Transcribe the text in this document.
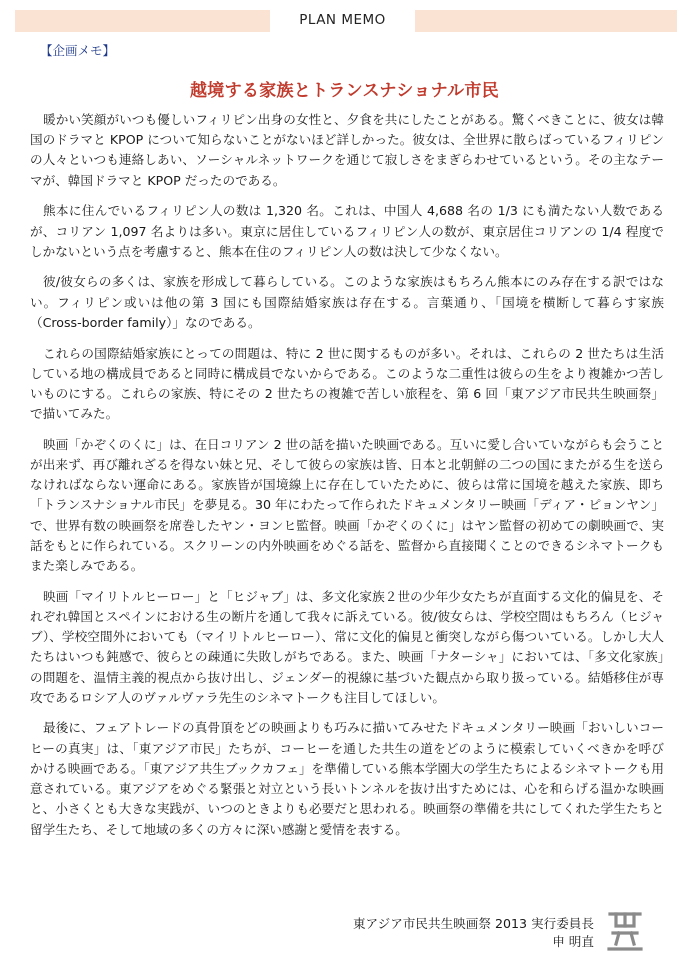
PLAN MEMO
【企画メモ】
越境する家族とトランスナショナル市民

暖かい笑顔がいつも優しいフィリピン出身の女性と、夕食を共にしたことがある。驚くべきことに、彼女は韓国のドラマと KPOP について知らないことがないほど詳しかった。彼女は、全世界に散らばっているフィリピンの人々といつも連絡しあい、ソーシャルネットワークを通じて寂しさをまぎらわせているという。その主なテーマが、韓国ドラマと KPOP だったのである。

熊本に住んでいるフィリピン人の数は 1,320 名。これは、中国人 4,688 名の 1/3 にも満たない人数であるが、コリアン 1,097 名よりは多い。東京に居住しているフィリピン人の数が、東京居住コリアンの 1/4 程度でしかないという点を考慮すると、熊本在住のフィリピン人の数は決して少なくない。

彼/彼女らの多くは、家族を形成して暮らしている。このような家族はもちろん熊本にのみ存在する訳ではない。フィリピン或いは他の第 3 国にも国際結婚家族は存在する。言葉通り、「国境を横断して暮らす家族（Cross-border family）」なのである。

これらの国際結婚家族にとっての問題は、特に 2 世に関するものが多い。それは、これらの 2 世たちは生活している地の構成員であると同時に構成員でないからである。このような二重性は彼らの生をより複雑かつ苦しいものにする。これらの家族、特にその 2 世たちの複雑で苦しい旅程を、第 6 回「東アジア市民共生映画祭」で描いてみた。

映画「かぞくのくに」は、在日コリアン 2 世の話を描いた映画である。互いに愛し合いていながらも会うことが出来ず、再び離れざるを得ない妹と兄、そして彼らの家族は皆、日本と北朝鮮の二つの国にまたがる生を送らなければならない運命にある。家族皆が国境線上に存在していたために、彼らは常に国境を越えた家族、即ち「トランスナショナル市民」を夢見る。30 年にわたって作られたドキュメンタリー映画「ディア・ピョンヤン」で、世界有数の映画祭を席巻したヤン・ヨンヒ監督。映画「かぞくのくに」はヤン監督の初めての劇映画で、実話をもとに作られている。スクリーンの内外映画をめぐる話を、監督から直接聞くことのできるシネマトークもまた楽しみである。

映画「マイリトルヒーロー」と「ヒジャブ」は、多文化家族２世の少年少女たちが直面する文化的偏見を、それぞれ韓国とスペインにおける生の断片を通して我々に訴えている。彼/彼女らは、学校空間はもちろん（ヒジャブ）、学校空間外においても（マイリトルヒーロー）、常に文化的偏見と衝突しながら傷ついている。しかし大人たちはいつも鈍感で、彼らとの疎通に失敗しがちである。また、映画「ナターシャ」においては、「多文化家族」の問題を、温情主義的視点から抜け出し、ジェンダー的視線に基づいた観点から取り扱っている。結婚移住が専攻であるロシア人のヴァルヴァラ先生のシネマトークも注目してほしい。

最後に、フェアトレードの真骨頂をどの映画よりも巧みに描いてみせたドキュメンタリー映画「おいしいコーヒーの真実」は、「東アジア市民」たちが、コーヒーを通した共生の道をどのように模索していくべきかを呼びかける映画である。「東アジア共生ブックカフェ」を準備している熊本学園大の学生たちによるシネマトークも用意されている。東アジアをめぐる緊張と対立という長いトンネルを抜け出すためには、心を和らげる温かな映画と、小さくとも大きな実践が、いつのときよりも必要だと思われる。映画祭の準備を共にしてくれた学生たちと留学生たち、そして地域の多くの方々に深い感謝と愛情を表する。

東アジア市民共生映画祭 2013 実行委員長
申 明直
